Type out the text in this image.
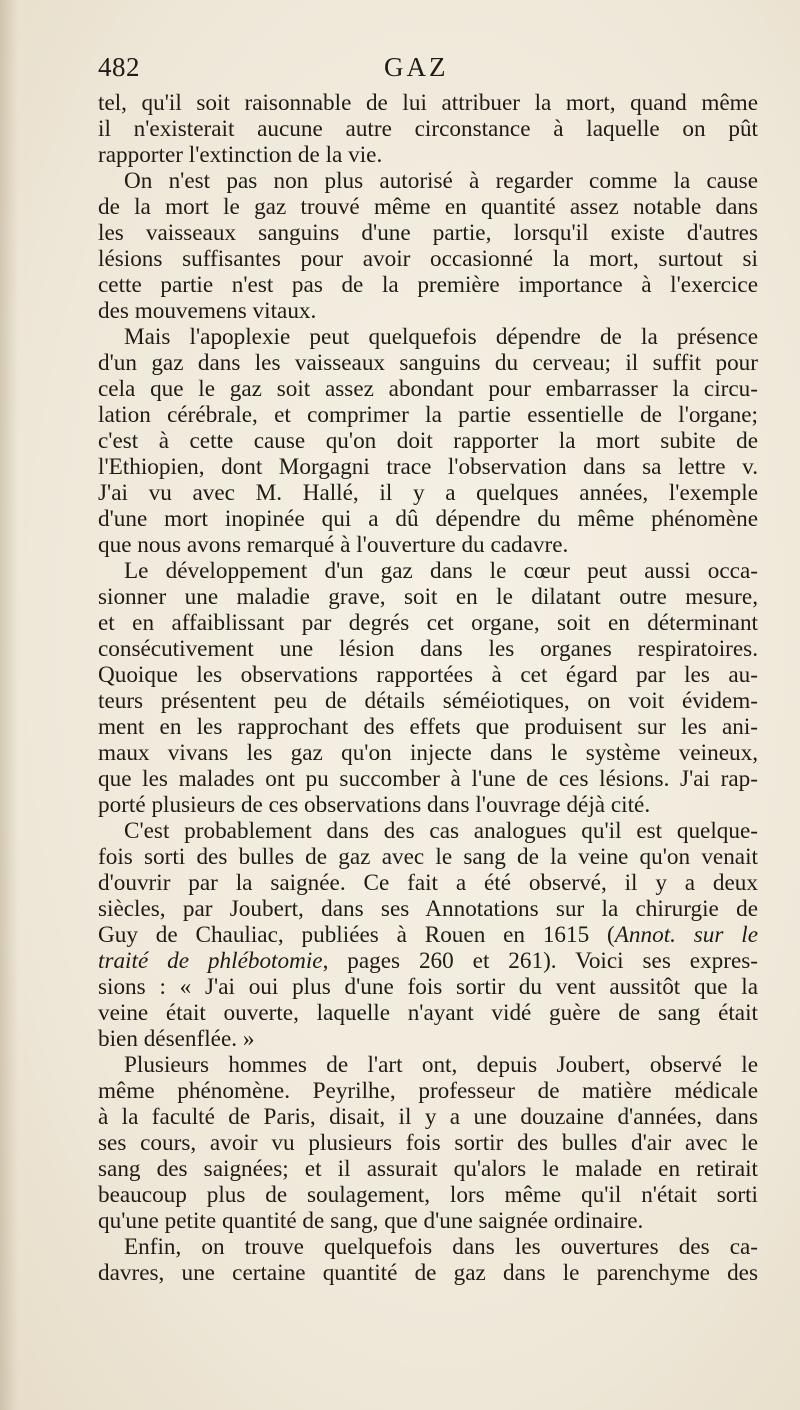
482	GAZ
tel, qu'il soit raisonnable de lui attribuer la mort, quand même
il n'existerait aucune autre circonstance à laquelle on pût
rapporter l'extinction de la vie.
On n'est pas non plus autorisé à regarder comme la cause
de la mort le gaz trouvé même en quantité assez notable dans
les vaisseaux sanguins d'une partie, lorsqu'il existe d'autres
lésions suffisantes pour avoir occasionné la mort, surtout si
cette partie n'est pas de la première importance à l'exercice
des mouvemens vitaux.
Mais l'apoplexie peut quelquefois dépendre de la présence
d'un gaz dans les vaisseaux sanguins du cerveau; il suffit pour
cela que le gaz soit assez abondant pour embarrasser la circu-
lation cérébrale, et comprimer la partie essentielle de l'organe;
c'est à cette cause qu'on doit rapporter la mort subite de
l'Ethiopien, dont Morgagni trace l'observation dans sa lettre v.
J'ai vu avec M. Hallé, il y a quelques années, l'exemple
d'une mort inopinée qui a dû dépendre du même phénomène
que nous avons remarqué à l'ouverture du cadavre.
Le développement d'un gaz dans le cœur peut aussi occa-
sionner une maladie grave, soit en le dilatant outre mesure,
et en affaiblissant par degrés cet organe, soit en déterminant
consécutivement une lésion dans les organes respiratoires.
Quoique les observations rapportées à cet égard par les au-
teurs présentent peu de détails séméiotiques, on voit évidem-
ment en les rapprochant des effets que produisent sur les ani-
maux vivans les gaz qu'on injecte dans le système veineux,
que les malades ont pu succomber à l'une de ces lésions. J'ai rap-
porté plusieurs de ces observations dans l'ouvrage déjà cité.
C'est probablement dans des cas analogues qu'il est quelque-
fois sorti des bulles de gaz avec le sang de la veine qu'on venait
d'ouvrir par la saignée. Ce fait a été observé, il y a deux
siècles, par Joubert, dans ses Annotations sur la chirurgie de
Guy de Chauliac, publiées à Rouen en 1615 (Annot. sur le
traité de phlébotomie, pages 260 et 261). Voici ses expres-
sions : « J'ai oui plus d'une fois sortir du vent aussitôt que la
veine était ouverte, laquelle n'ayant vidé guère de sang était
bien désenflée. »
Plusieurs hommes de l'art ont, depuis Joubert, observé le
même phénomène. Peyrilhe, professeur de matière médicale
à la faculté de Paris, disait, il y a une douzaine d'années, dans
ses cours, avoir vu plusieurs fois sortir des bulles d'air avec le
sang des saignées; et il assurait qu'alors le malade en retirait
beaucoup plus de soulagement, lors même qu'il n'était sorti
qu'une petite quantité de sang, que d'une saignée ordinaire.
Enfin, on trouve quelquefois dans les ouvertures des ca-
davres, une certaine quantité de gaz dans le parenchyme des
